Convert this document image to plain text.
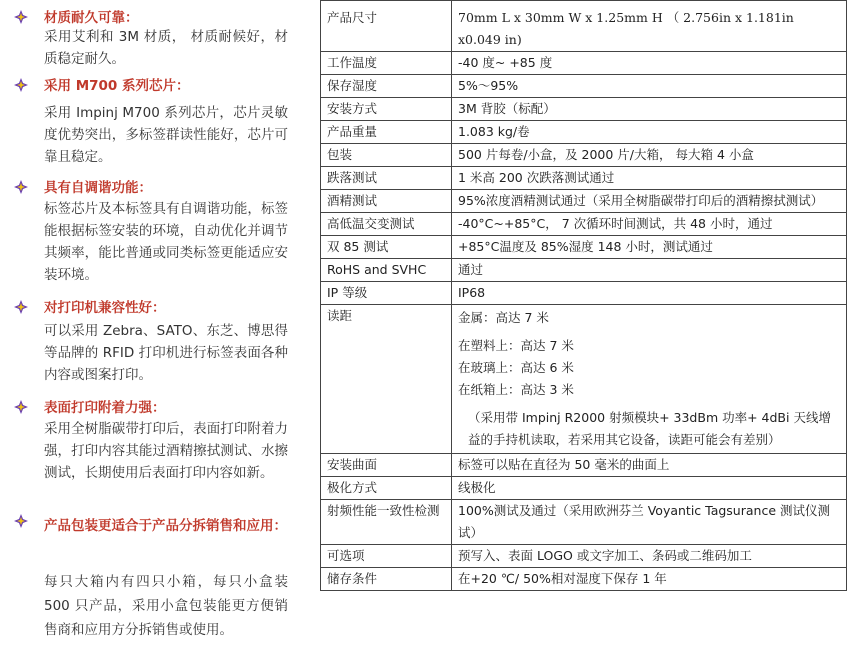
材质耐久可靠：
采用艾利和 3M 材质， 材质耐候好，材质稳定耐久。
采用 M700 系列芯片：
采用 Impinj M700 系列芯片，芯片灵敏度优势突出，多标签群读性能好，芯片可靠且稳定。
具有自调谐功能：
标签芯片及本标签具有自调谐功能，标签能根据标签安装的环境，自动优化并调节其频率，能比普通或同类标签更能适应安装环境。
对打印机兼容性好：
可以采用 Zebra、SATO、东芝、博思得等品牌的 RFID 打印机进行标签表面各种内容或图案打印。
表面打印附着力强：
采用全树脂碳带打印后，表面打印附着力强，打印内容其能过酒精擦拭测试、水擦测试，长期使用后表面打印内容如新。
产品包装更适合于产品分拆销售和应用：
每只大箱内有四只小箱，每只小盒装 500 只产品，采用小盒包装能更方便销售商和应用方分拆销售或使用。
产品尺寸	70mm L x 30mm W x 1.25mm H （ 2.756in x 1.181in x0.049 in)

工作温度	-40 度~ +85 度

保存湿度	5%～95%

安装方式	3M 背胶（标配）

产品重量	1.083 kg/卷

包装	500 片每卷/小盒，及 2000 片/大箱， 每大箱 4 小盒

跌落测试	1 米高 200 次跌落测试通过

酒精测试	95%浓度酒精测试通过（采用全树脂碳带打印后的酒精擦拭测试）

高低温交变测试	-40°C~+85°C， 7 次循环时间测试，共 48 小时，通过

双 85 测试	+85°C温度及 85%湿度 148 小时，测试通过

RoHS and SVHC	通过

IP 等级	IP68

读距	金属：高达 7 米
在塑料上：高达 7 米
在玻璃上：高达 6 米
在纸箱上：高达 3 米
（采用带 Impinj R2000 射频模块+ 33dBm 功率+ 4dBi 天线增益的手持机读取，若采用其它设备，读距可能会有差别）

安装曲面	标签可以贴在直径为 50 毫米的曲面上

极化方式	线极化

射频性能一致性检测	100%测试及通过（采用欧洲芬兰 Voyantic Tagsurance 测试仪测试）

可选项	预写入、表面 LOGO 或文字加工、条码或二维码加工

储存条件	在+20 ℃/ 50%相对湿度下保存 1 年
